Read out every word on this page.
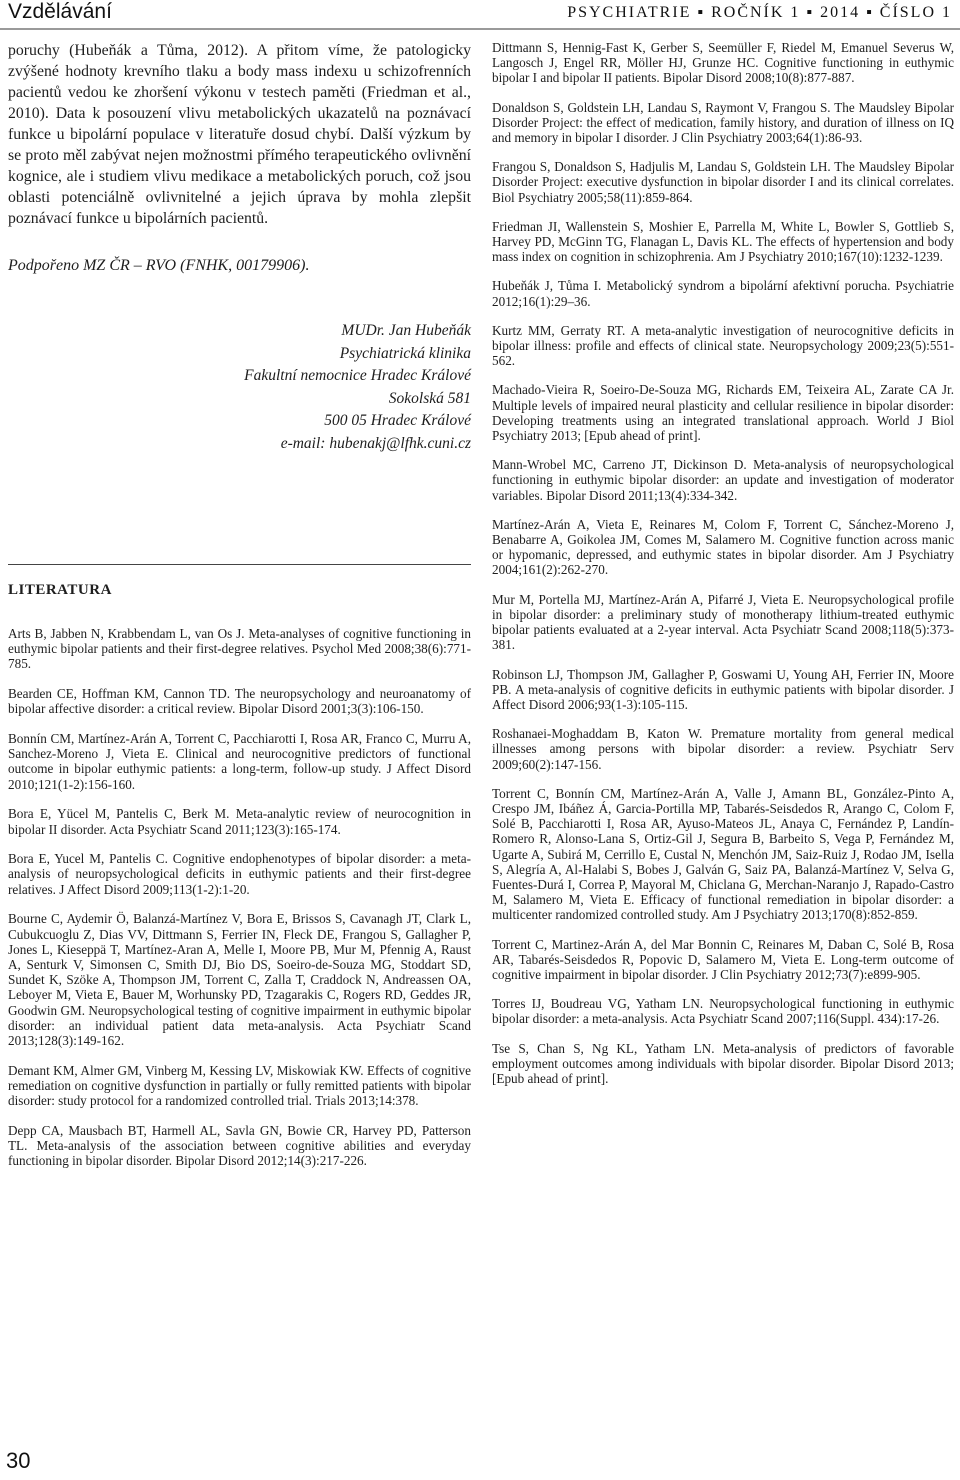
Vzdělávání	PSYCHIATRIE ▪ ROČNÍK 1 ▪ 2014 ▪ ČÍSLO 1

poruchy (Hubeňák a Tůma, 2012). A přitom víme, že patologicky zvýšené hodnoty krevního tlaku a body mass indexu u schizofrenních pacientů vedou ke zhoršení výkonu v testech paměti (Friedman et al., 2010). Data k posouzení vlivu metabolických ukazatelů na poznávací funkce u bipolární populace v literatuře dosud chybí. Další výzkum by se proto měl zabývat nejen možnostmi přímého terapeutického ovlivnění kognice, ale i studiem vlivu medikace a metabolických poruch, což jsou oblasti potenciálně ovlivnitelné a jejich úprava by mohla zlepšit poznávací funkce u bipolárních pacientů.

Podpořeno MZ ČR – RVO (FNHK, 00179906).
MUDr. Jan Hubeňák
Psychiatrická klinika
Fakultní nemocnice Hradec Králové
Sokolská 581
500 05 Hradec Králové
e-mail: hubenakj@lfhk.cuni.cz
LITERATURA

Arts B, Jabben N, Krabbendam L, van Os J. Meta-analyses of cognitive functioning in euthymic bipolar patients and their first-degree relatives. Psychol Med 2008;38(6):771-785.

Bearden CE, Hoffman KM, Cannon TD. The neuropsychology and neuroanatomy of bipolar affective disorder: a critical review. Bipolar Disord 2001;3(3):106-150.

Bonnín CM, Martínez-Arán A, Torrent C, Pacchiarotti I, Rosa AR, Franco C, Murru A, Sanchez-Moreno J, Vieta E. Clinical and neurocognitive predictors of functional outcome in bipolar euthymic patients: a long-term, follow-up study. J Affect Disord 2010;121(1-2):156-160.

Bora E, Yücel M, Pantelis C, Berk M. Meta-analytic review of neurocognition in bipolar II disorder. Acta Psychiatr Scand 2011;123(3):165-174.

Bora E, Yucel M, Pantelis C. Cognitive endophenotypes of bipolar disorder: a meta-analysis of neuropsychological deficits in euthymic patients and their first-degree relatives. J Affect Disord 2009;113(1-2):1-20.

Bourne C, Aydemir Ö, Balanzá-Martínez V, Bora E, Brissos S, Cavanagh JT, Clark L, Cubukcuoglu Z, Dias VV, Dittmann S, Ferrier IN, Fleck DE, Frangou S, Gallagher P, Jones L, Kieseppä T, Martínez-Aran A, Melle I, Moore PB, Mur M, Pfennig A, Raust A, Senturk V, Simonsen C, Smith DJ, Bio DS, Soeiro-de-Souza MG, Stoddart SD, Sundet K, Szöke A, Thompson JM, Torrent C, Zalla T, Craddock N, Andreassen OA, Leboyer M, Vieta E, Bauer M, Worhunsky PD, Tzagarakis C, Rogers RD, Geddes JR, Goodwin GM. Neuropsychological testing of cognitive impairment in euthymic bipolar disorder: an individual patient data meta-analysis. Acta Psychiatr Scand 2013;128(3):149-162.

Demant KM, Almer GM, Vinberg M, Kessing LV, Miskowiak KW. Effects of cognitive remediation on cognitive dysfunction in partially or fully remitted patients with bipolar disorder: study protocol for a randomized controlled trial. Trials 2013;14:378.

Depp CA, Mausbach BT, Harmell AL, Savla GN, Bowie CR, Harvey PD, Patterson TL. Meta-analysis of the association between cognitive abilities and everyday functioning in bipolar disorder. Bipolar Disord 2012;14(3):217-226.

Dittmann S, Hennig-Fast K, Gerber S, Seemüller F, Riedel M, Emanuel Severus W, Langosch J, Engel RR, Möller HJ, Grunze HC. Cognitive functioning in euthymic bipolar I and bipolar II patients. Bipolar Disord 2008;10(8):877-887.

Donaldson S, Goldstein LH, Landau S, Raymont V, Frangou S. The Maudsley Bipolar Disorder Project: the effect of medication, family history, and duration of illness on IQ and memory in bipolar I disorder. J Clin Psychiatry 2003;64(1):86-93.

Frangou S, Donaldson S, Hadjulis M, Landau S, Goldstein LH. The Maudsley Bipolar Disorder Project: executive dysfunction in bipolar disorder I and its clinical correlates. Biol Psychiatry 2005;58(11):859-864.

Friedman JI, Wallenstein S, Moshier E, Parrella M, White L, Bowler S, Gottlieb S, Harvey PD, McGinn TG, Flanagan L, Davis KL. The effects of hypertension and body mass index on cognition in schizophrenia. Am J Psychiatry 2010;167(10):1232-1239.

Hubeňák J, Tůma I. Metabolický syndrom a bipolární afektivní porucha. Psychiatrie 2012;16(1):29–36.

Kurtz MM, Gerraty RT. A meta-analytic investigation of neurocognitive deficits in bipolar illness: profile and effects of clinical state. Neuropsychology 2009;23(5):551-562.

Machado-Vieira R, Soeiro-De-Souza MG, Richards EM, Teixeira AL, Zarate CA Jr. Multiple levels of impaired neural plasticity and cellular resilience in bipolar disorder: Developing treatments using an integrated translational approach. World J Biol Psychiatry 2013; [Epub ahead of print].

Mann-Wrobel MC, Carreno JT, Dickinson D. Meta-analysis of neuropsychological functioning in euthymic bipolar disorder: an update and investigation of moderator variables. Bipolar Disord 2011;13(4):334-342.

Martínez-Arán A, Vieta E, Reinares M, Colom F, Torrent C, Sánchez-Moreno J, Benabarre A, Goikolea JM, Comes M, Salamero M. Cognitive function across manic or hypomanic, depressed, and euthymic states in bipolar disorder. Am J Psychiatry 2004;161(2):262-270.

Mur M, Portella MJ, Martínez-Arán A, Pifarré J, Vieta E. Neuropsychological profile in bipolar disorder: a preliminary study of monotherapy lithium-treated euthymic bipolar patients evaluated at a 2-year interval. Acta Psychiatr Scand 2008;118(5):373-381.

Robinson LJ, Thompson JM, Gallagher P, Goswami U, Young AH, Ferrier IN, Moore PB. A meta-analysis of cognitive deficits in euthymic patients with bipolar disorder. J Affect Disord 2006;93(1-3):105-115.

Roshanaei-Moghaddam B, Katon W. Premature mortality from general medical illnesses among persons with bipolar disorder: a review. Psychiatr Serv 2009;60(2):147-156.

Torrent C, Bonnín CM, Martínez-Arán A, Valle J, Amann BL, González-Pinto A, Crespo JM, Ibáñez Á, Garcia-Portilla MP, Tabarés-Seisdedos R, Arango C, Colom F, Solé B, Pacchiarotti I, Rosa AR, Ayuso-Mateos JL, Anaya C, Fernández P, Landín-Romero R, Alonso-Lana S, Ortiz-Gil J, Segura B, Barbeito S, Vega P, Fernández M, Ugarte A, Subirá M, Cerrillo E, Custal N, Menchón JM, Saiz-Ruiz J, Rodao JM, Isella S, Alegría A, Al-Halabi S, Bobes J, Galván G, Saiz PA, Balanzá-Martínez V, Selva G, Fuentes-Durá I, Correa P, Mayoral M, Chiclana G, Merchan-Naranjo J, Rapado-Castro M, Salamero M, Vieta E. Efficacy of functional remediation in bipolar disorder: a multicenter randomized controlled study. Am J Psychiatry 2013;170(8):852-859.

Torrent C, Martinez-Arán A, del Mar Bonnin C, Reinares M, Daban C, Solé B, Rosa AR, Tabarés-Seisdedos R, Popovic D, Salamero M, Vieta E. Long-term outcome of cognitive impairment in bipolar disorder. J Clin Psychiatry 2012;73(7):e899-905.

Torres IJ, Boudreau VG, Yatham LN. Neuropsychological functioning in euthymic bipolar disorder: a meta-analysis. Acta Psychiatr Scand 2007;116(Suppl. 434):17-26.

Tse S, Chan S, Ng KL, Yatham LN. Meta-analysis of predictors of favorable employment outcomes among individuals with bipolar disorder. Bipolar Disord 2013; [Epub ahead of print].

30
